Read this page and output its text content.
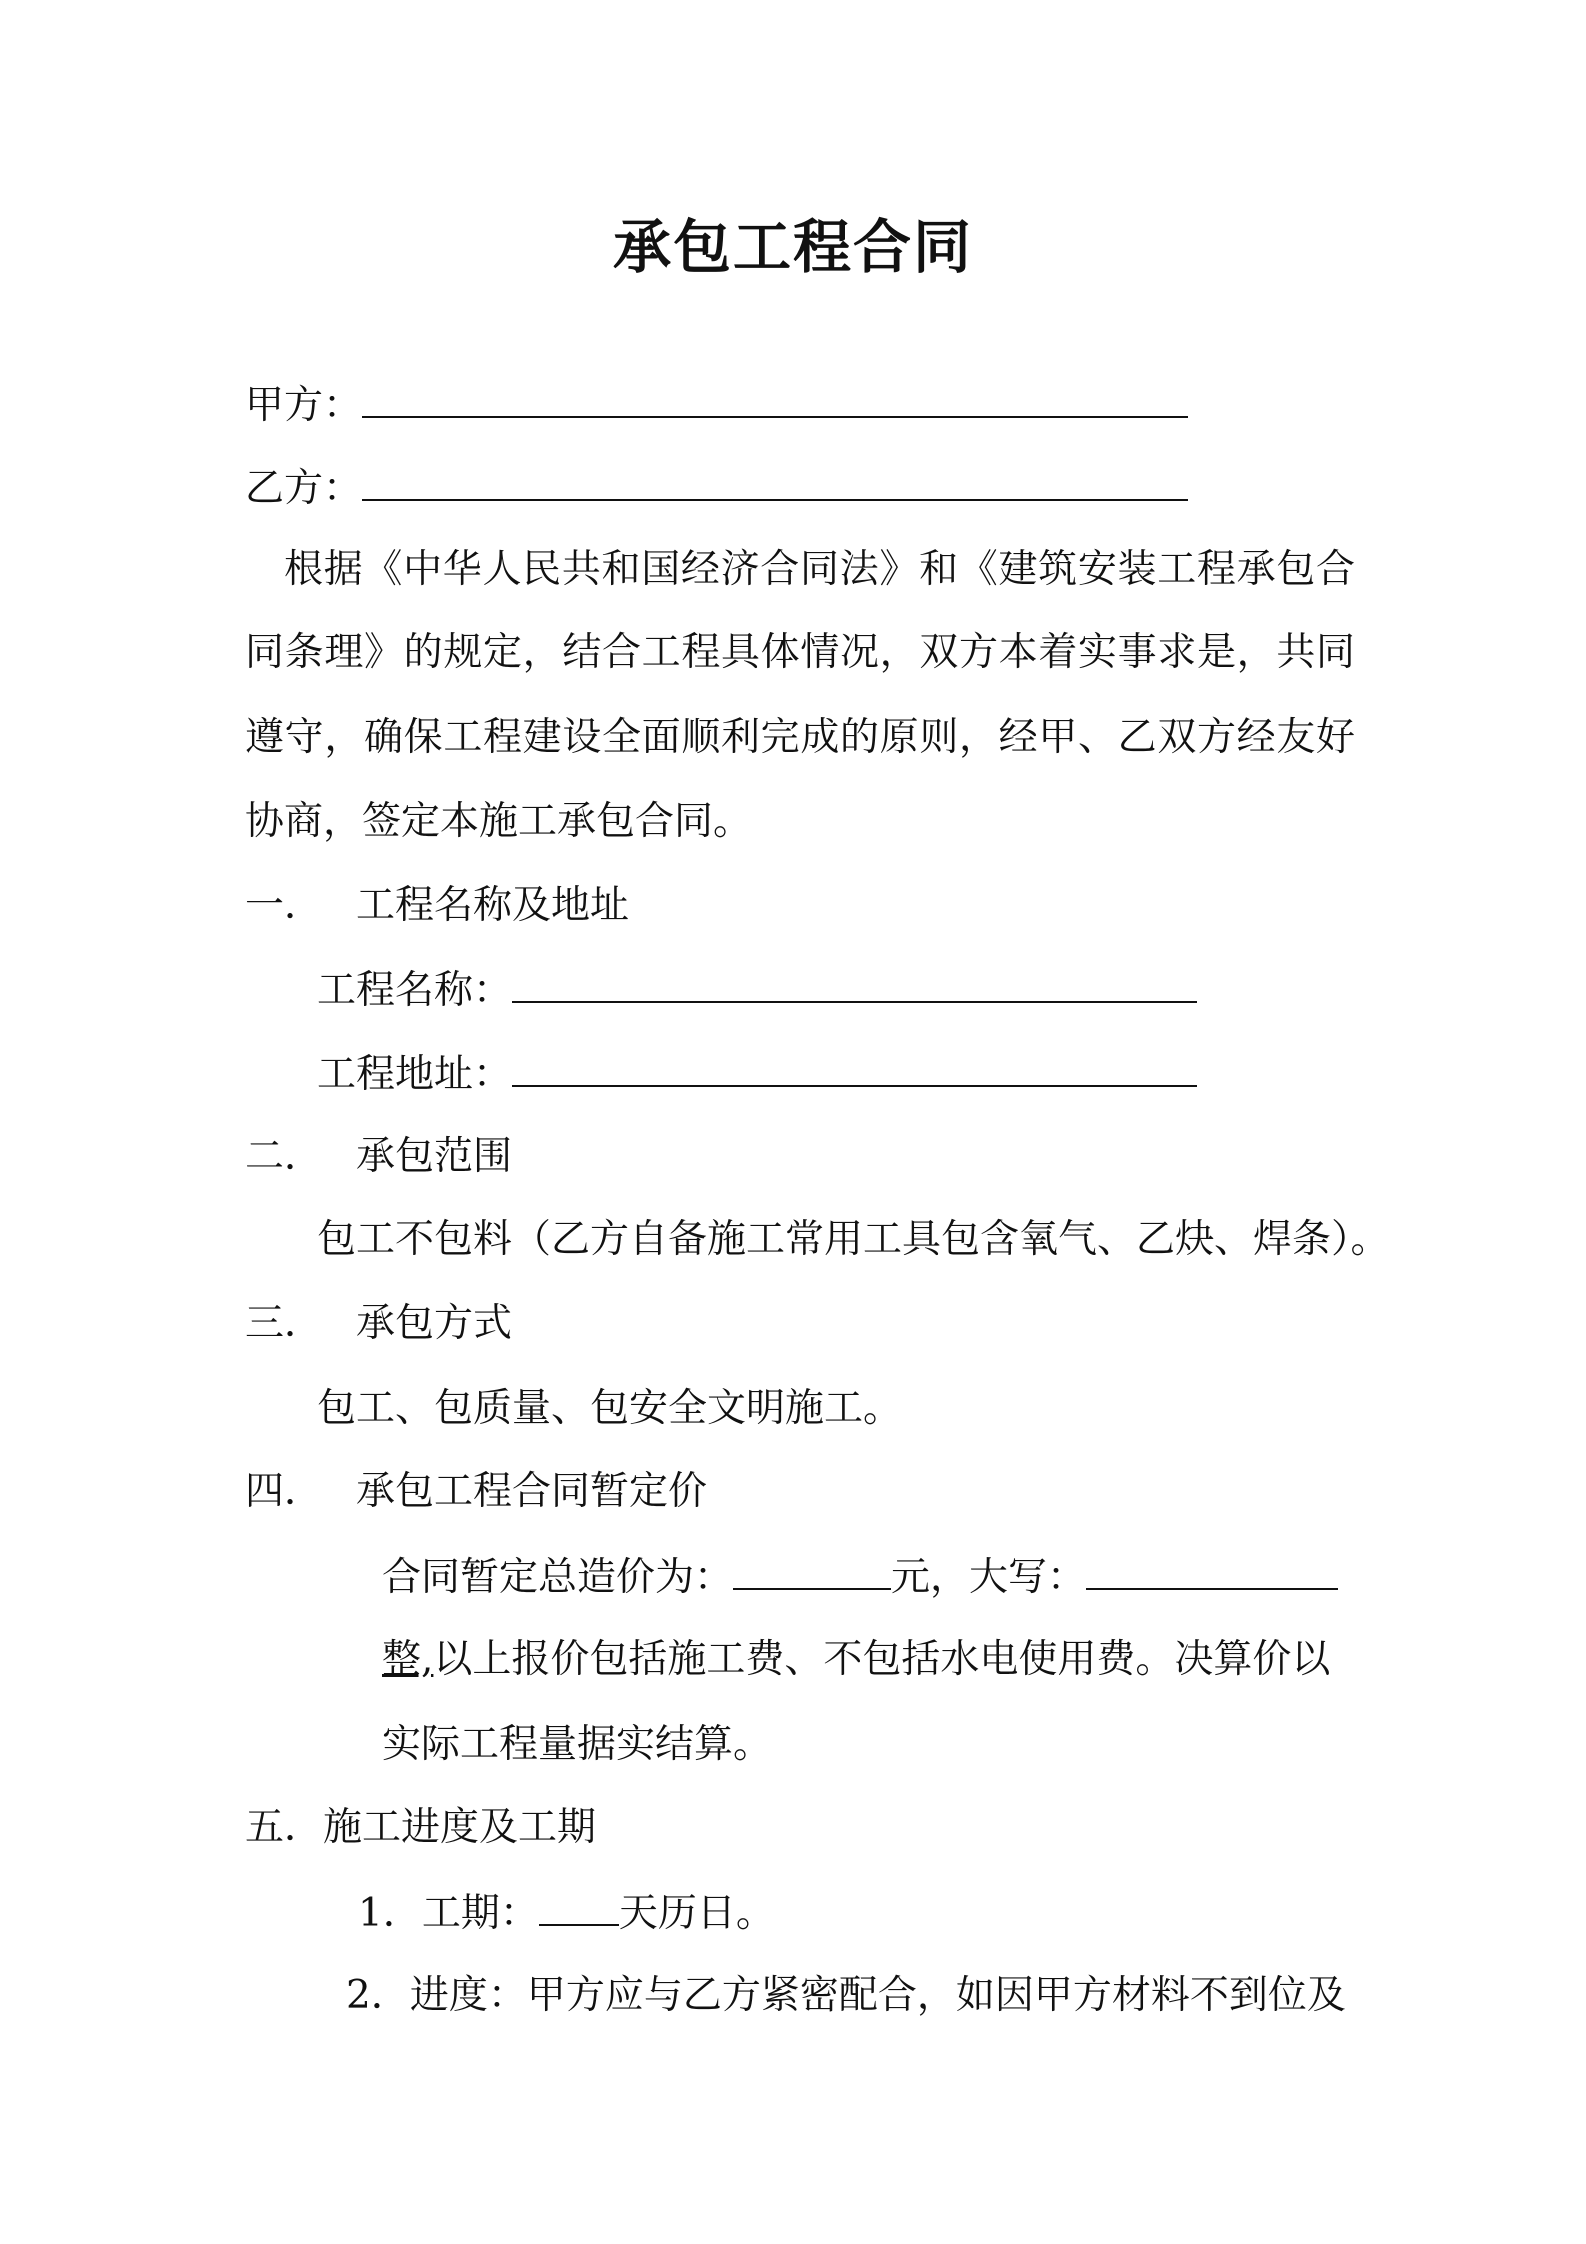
承包工程合同
甲方：
乙方：
根据《中华人民共和国经济合同法》和《建筑安装工程承包合
同条理》的规定，结合工程具体情况，双方本着实事求是，共同
遵守，确保工程建设全面顺利完成的原则，经甲、乙双方经友好
协商，签定本施工承包合同。
一． 工程名称及地址
工程名称：
工程地址：
二． 承包范围
包工不包料（乙方自备施工常用工具包含氧气、乙炔、焊条）。
三． 承包方式
包工、包质量、包安全文明施工。
四． 承包工程合同暂定价
合同暂定总造价为：	元，大写：
整,以上报价包括施工费、不包括水电使用费。决算价以
实际工程量据实结算。
五．施工进度及工期
1．工期： 天历日。
2．进度：甲方应与乙方紧密配合，如因甲方材料不到位及
